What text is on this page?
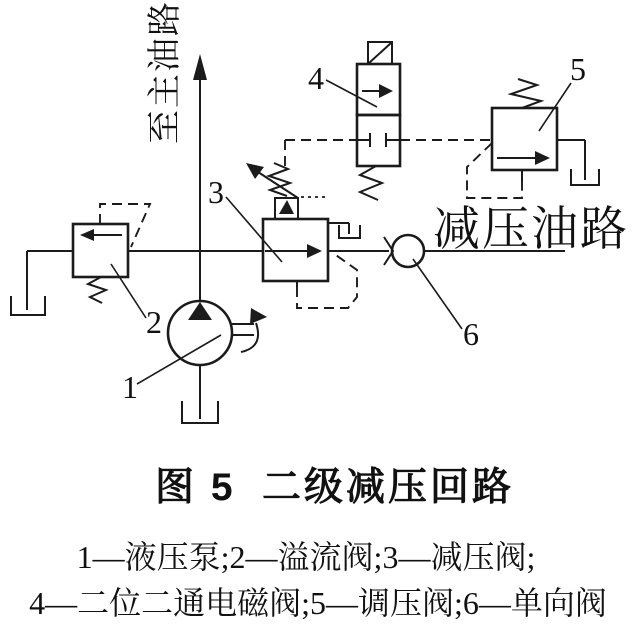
1
2
3
4	5
6
至主油路
减压油路
图 5 二级减压回路
1—液压泵;2—溢流阀;3—减压阀;
4—二位二通电磁阀;5—调压阀;6—单向阀
